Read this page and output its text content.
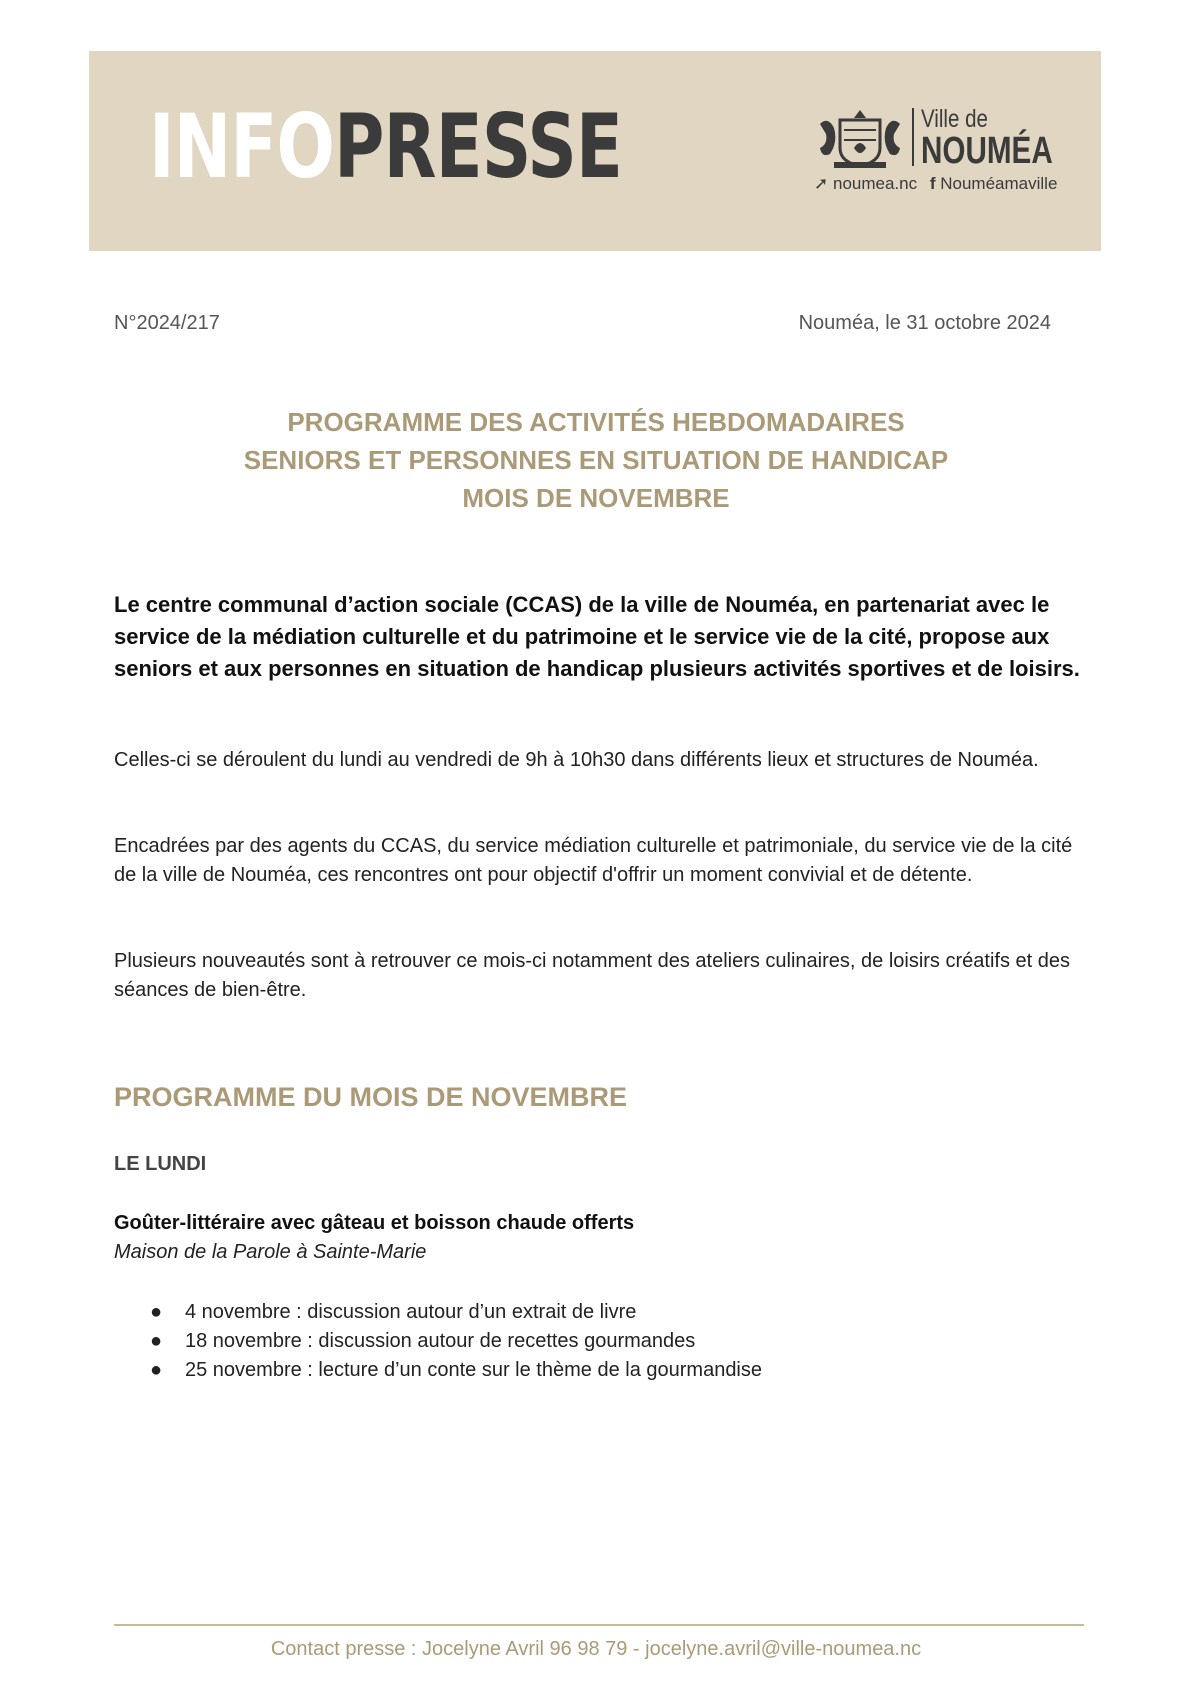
INFOPRESSE	Ville de
NOUMÉA
➚ noumea.nc f Nouméamaville
N°2024/217	Nouméa, le 31 octobre 2024
PROGRAMME DES ACTIVITÉS HEBDOMADAIRES
SENIORS ET PERSONNES EN SITUATION DE HANDICAP
MOIS DE NOVEMBRE
Le centre communal d’action sociale (CCAS) de la ville de Nouméa, en partenariat avec le service de la médiation culturelle et du patrimoine et le service vie de la cité, propose aux seniors et aux personnes en situation de handicap plusieurs activités sportives et de loisirs.
Celles-ci se déroulent du lundi au vendredi de 9h à 10h30 dans différents lieux et structures de Nouméa.
Encadrées par des agents du CCAS, du service médiation culturelle et patrimoniale, du service vie de la cité de la ville de Nouméa, ces rencontres ont pour objectif d'offrir un moment convivial et de détente.
Plusieurs nouveautés sont à retrouver ce mois-ci notamment des ateliers culinaires, de loisirs créatifs et des séances de bien-être.
PROGRAMME DU MOIS DE NOVEMBRE
LE LUNDI
Goûter-littéraire avec gâteau et boisson chaude offerts
Maison de la Parole à Sainte-Marie
● 4 novembre : discussion autour d’un extrait de livre
● 18 novembre : discussion autour de recettes gourmandes
● 25 novembre : lecture d’un conte sur le thème de la gourmandise
Contact presse : Jocelyne Avril 96 98 79 - jocelyne.avril@ville-noumea.nc
